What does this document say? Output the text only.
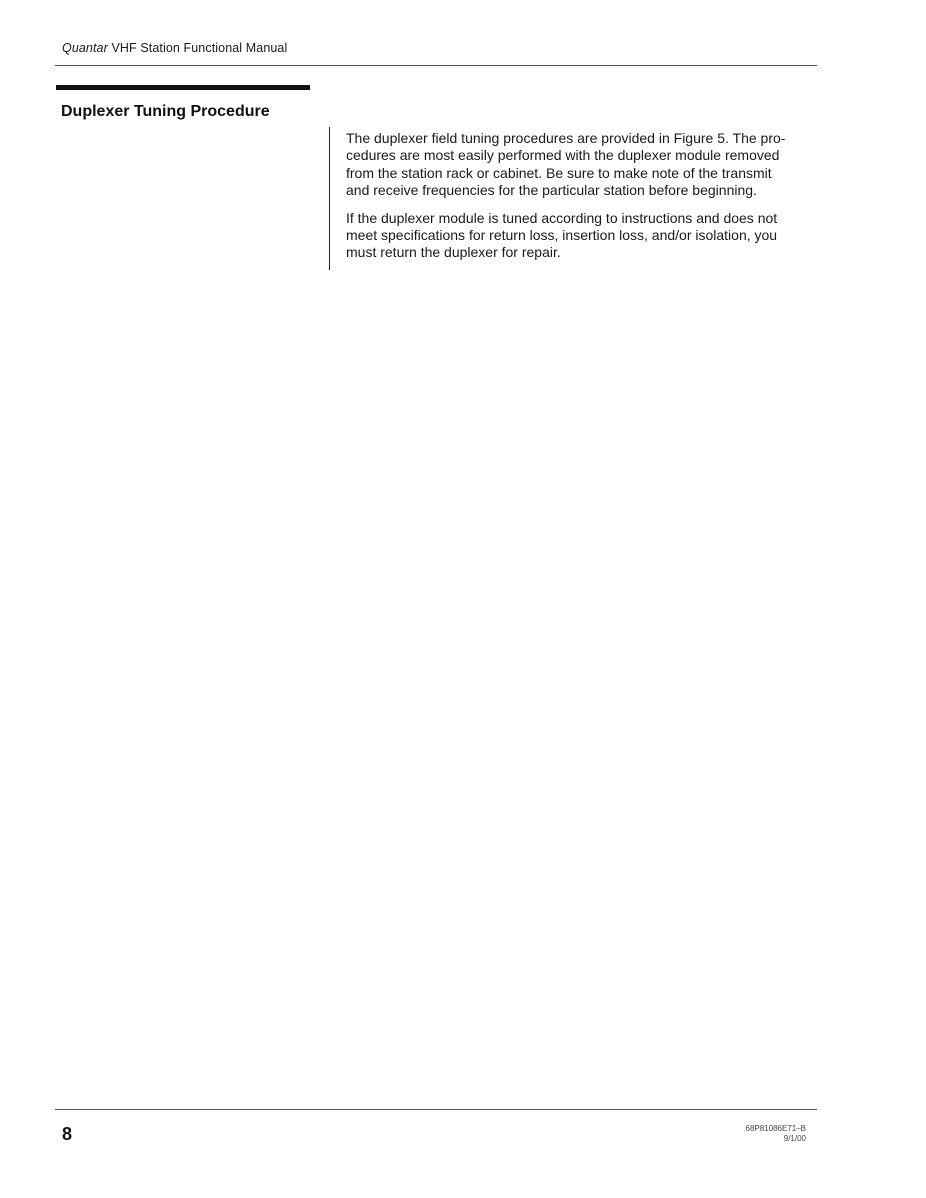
Quantar VHF Station Functional Manual
Duplexer Tuning Procedure

The duplexer field tuning procedures are provided in Figure 5. The pro-
cedures are most easily performed with the duplexer module removed
from the station rack or cabinet. Be sure to make note of the transmit
and receive frequencies for the particular station before beginning.

If the duplexer module is tuned according to instructions and does not
meet specifications for return loss, insertion loss, and/or isolation, you
must return the duplexer for repair.

8	68P81086E71–B
9/1/00
